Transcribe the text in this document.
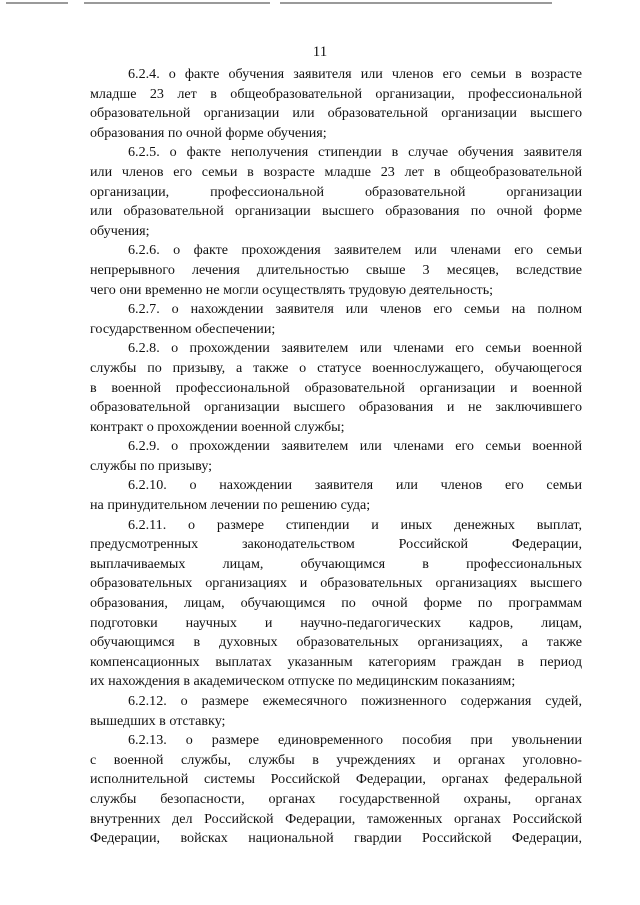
11
6.2.4. о факте обучения заявителя или членов его семьи в возрасте
младше 23 лет в общеобразовательной организации, профессиональной
образовательной организации или образовательной организации высшего
образования по очной форме обучения;
6.2.5. о факте неполучения стипендии в случае обучения заявителя
или членов его семьи в возрасте младше 23 лет в общеобразовательной
организации, профессиональной образовательной организации
или образовательной организации высшего образования по очной форме
обучения;
6.2.6. о факте прохождения заявителем или членами его семьи
непрерывного лечения длительностью свыше 3 месяцев, вследствие
чего они временно не могли осуществлять трудовую деятельность;
6.2.7. о нахождении заявителя или членов его семьи на полном
государственном обеспечении;
6.2.8. о прохождении заявителем или членами его семьи военной
службы по призыву, а также о статусе военнослужащего, обучающегося
в военной профессиональной образовательной организации и военной
образовательной организации высшего образования и не заключившего
контракт о прохождении военной службы;
6.2.9. о прохождении заявителем или членами его семьи военной
службы по призыву;
6.2.10. о нахождении заявителя или членов его семьи
на принудительном лечении по решению суда;
6.2.11. о размере стипендии и иных денежных выплат,
предусмотренных законодательством Российской Федерации,
выплачиваемых лицам, обучающимся в профессиональных
образовательных организациях и образовательных организациях высшего
образования, лицам, обучающимся по очной форме по программам
подготовки научных и научно-педагогических кадров, лицам,
обучающимся в духовных образовательных организациях, а также
компенсационных выплатах указанным категориям граждан в период
их нахождения в академическом отпуске по медицинским показаниям;
6.2.12. о размере ежемесячного пожизненного содержания судей,
вышедших в отставку;
6.2.13. о размере единовременного пособия при увольнении
с военной службы, службы в учреждениях и органах уголовно-
исполнительной системы Российской Федерации, органах федеральной
службы безопасности, органах государственной охраны, органах
внутренних дел Российской Федерации, таможенных органах Российской
Федерации, войсках национальной гвардии Российской Федерации,
